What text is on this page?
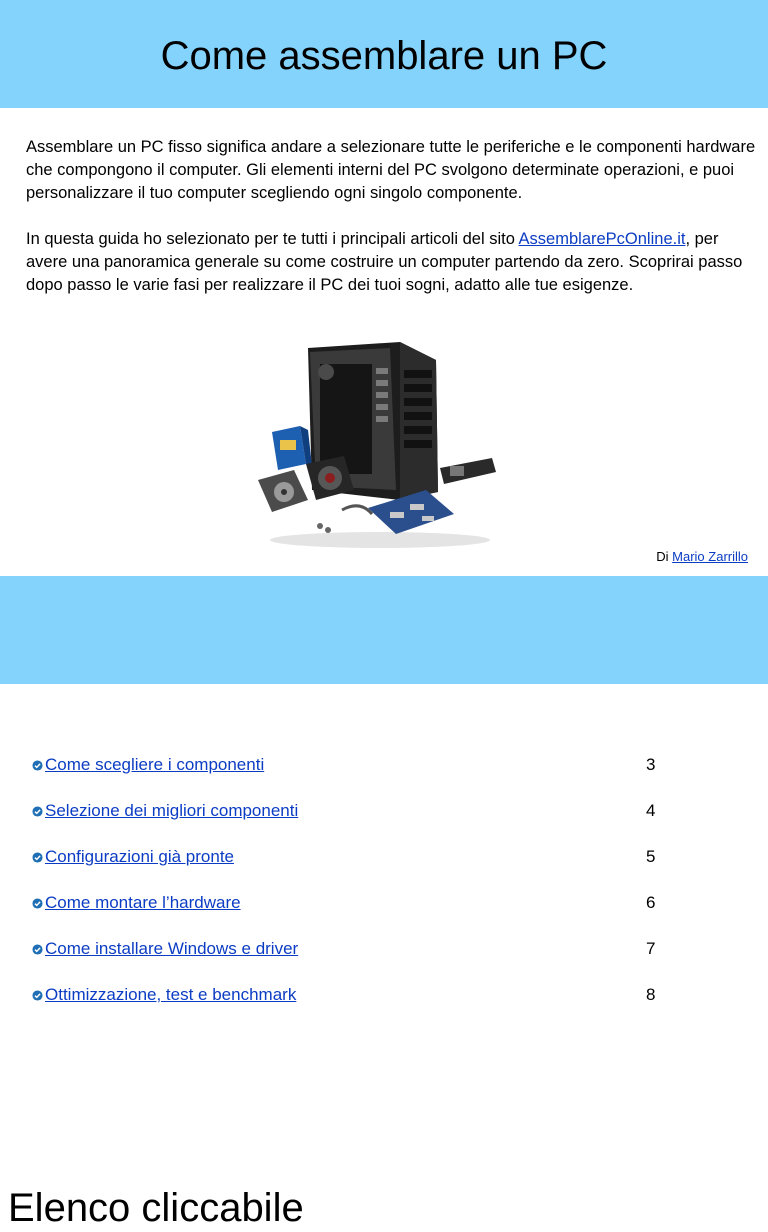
Come assemblare un PC

Assemblare un PC fisso significa andare a selezionare tutte le periferiche e le componenti hardware che compongono il computer. Gli elementi interni del PC svolgono determinate operazioni, e puoi personalizzare il tuo computer scegliendo ogni singolo componente.

In questa guida ho selezionato per te tutti i principali articoli del sito AssemblarePcOnline.it, per avere una panoramica generale su come costruire un computer partendo da zero. Scoprirai passo dopo passo le varie fasi per realizzare il PC dei tuoi sogni, adatto alle tue esigenze.

Di Mario Zarrillo
Elenco cliccabile
Come scegliere i componenti	3
Selezione dei migliori componenti	4
Configurazioni già pronte	5
Come montare l’hardware	6
Come installare Windows e driver	7
Ottimizzazione, test e benchmark	8
